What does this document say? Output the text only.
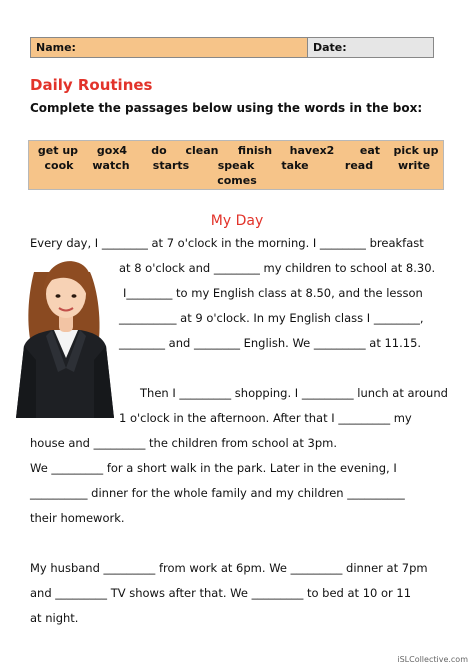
Name:	Date:
Daily Routines
Complete the passages below using the words in the box:
get up gox4 do clean finish havex2 eat pick up
cook watch starts	speak take	read write
comes
My Day
Every day, I ________ at 7 o'clock in the morning. I ________ breakfast
at 8 o'clock and ________ my children to school at 8.30.
I________ to my English class at 8.50, and the lesson
__________ at 9 o'clock. In my English class I ________,
________ and ________ English. We _________ at 11.15.
Then I _________ shopping. I _________ lunch at around
1 o'clock in the afternoon. After that I _________ my
house and _________ the children from school at 3pm.
We _________ for a short walk in the park. Later in the evening, I
__________ dinner for the whole family and my children __________
their homework.
My husband _________ from work at 6pm. We _________ dinner at 7pm
and _________ TV shows after that. We _________ to bed at 10 or 11
at night.
iSLCollective.com
